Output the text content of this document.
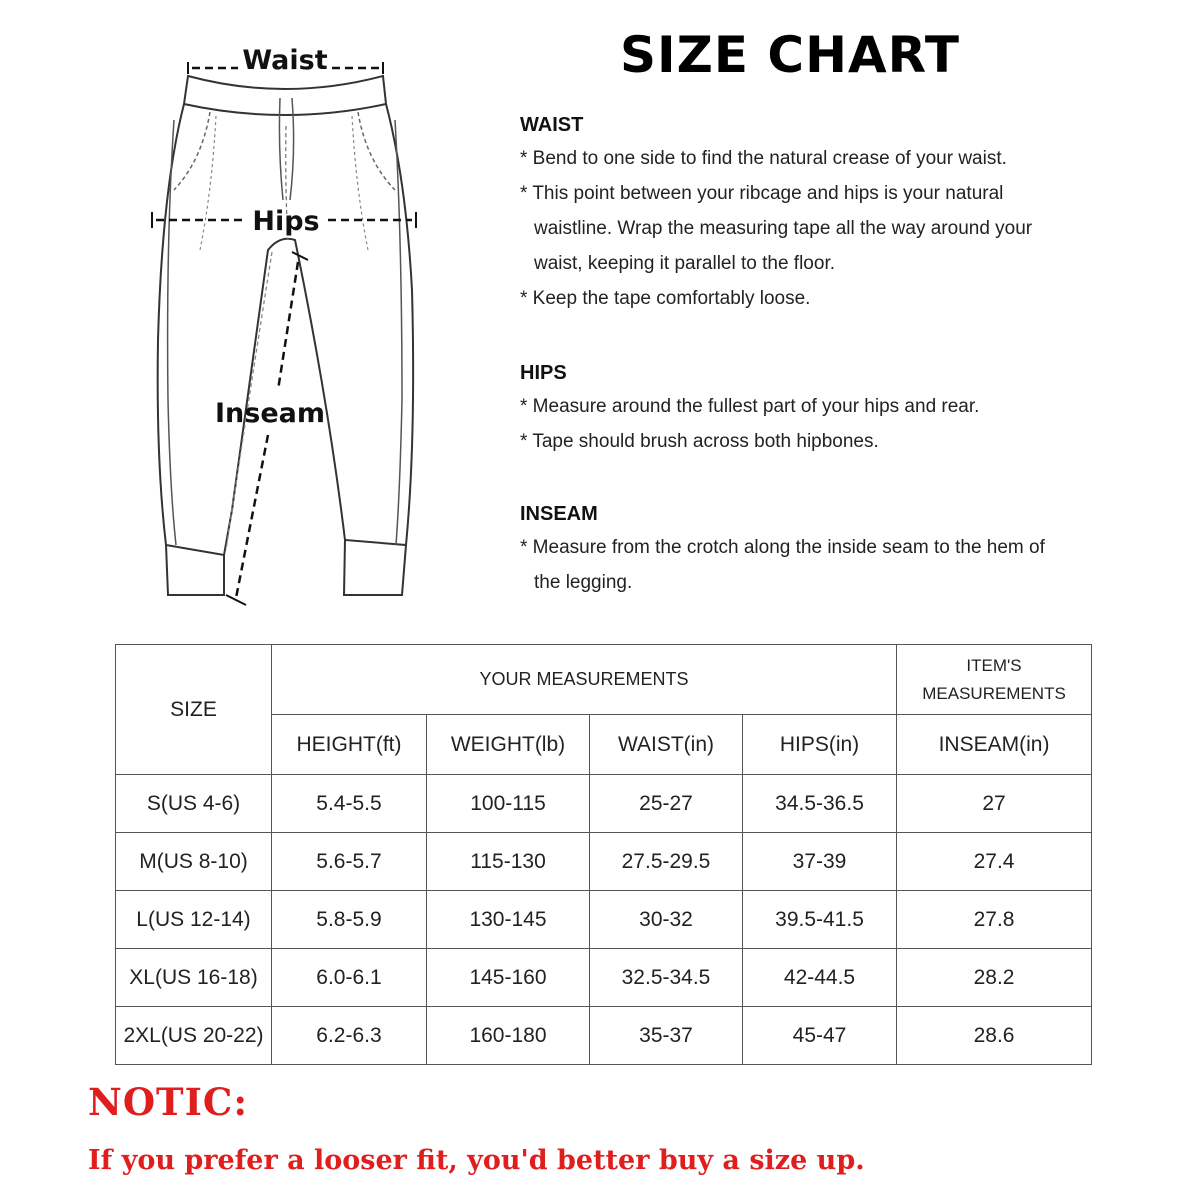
Waist
Hips
Inseam
SIZE CHART
WAIST
* Bend to one side to find the natural crease of your waist.
* This point between your ribcage and hips is your natural waistline. Wrap the measuring tape all the way around your waist, keeping it parallel to the floor.
* Keep the tape comfortably loose.
HIPS
* Measure around the fullest part of your hips and rear.
* Tape should brush across both hipbones.
INSEAM
* Measure from the crotch along the inside seam to the hem of the legging.
SIZE	YOUR MEASUREMENTS				ITEM'S MEASUREMENTS
	HEIGHT(ft)	WEIGHT(lb)	WAIST(in)	HIPS(in)	INSEAM(in)
S(US 4-6)	5.4-5.5	100-115	25-27	34.5-36.5	27
M(US 8-10)	5.6-5.7	115-130	27.5-29.5	37-39	27.4
L(US 12-14)	5.8-5.9	130-145	30-32	39.5-41.5	27.8
XL(US 16-18)	6.0-6.1	145-160	32.5-34.5	42-44.5	28.2
2XL(US 20-22)	6.2-6.3	160-180	35-37	45-47	28.6
NOTIC:
If you prefer a looser fit, you'd better buy a size up.
